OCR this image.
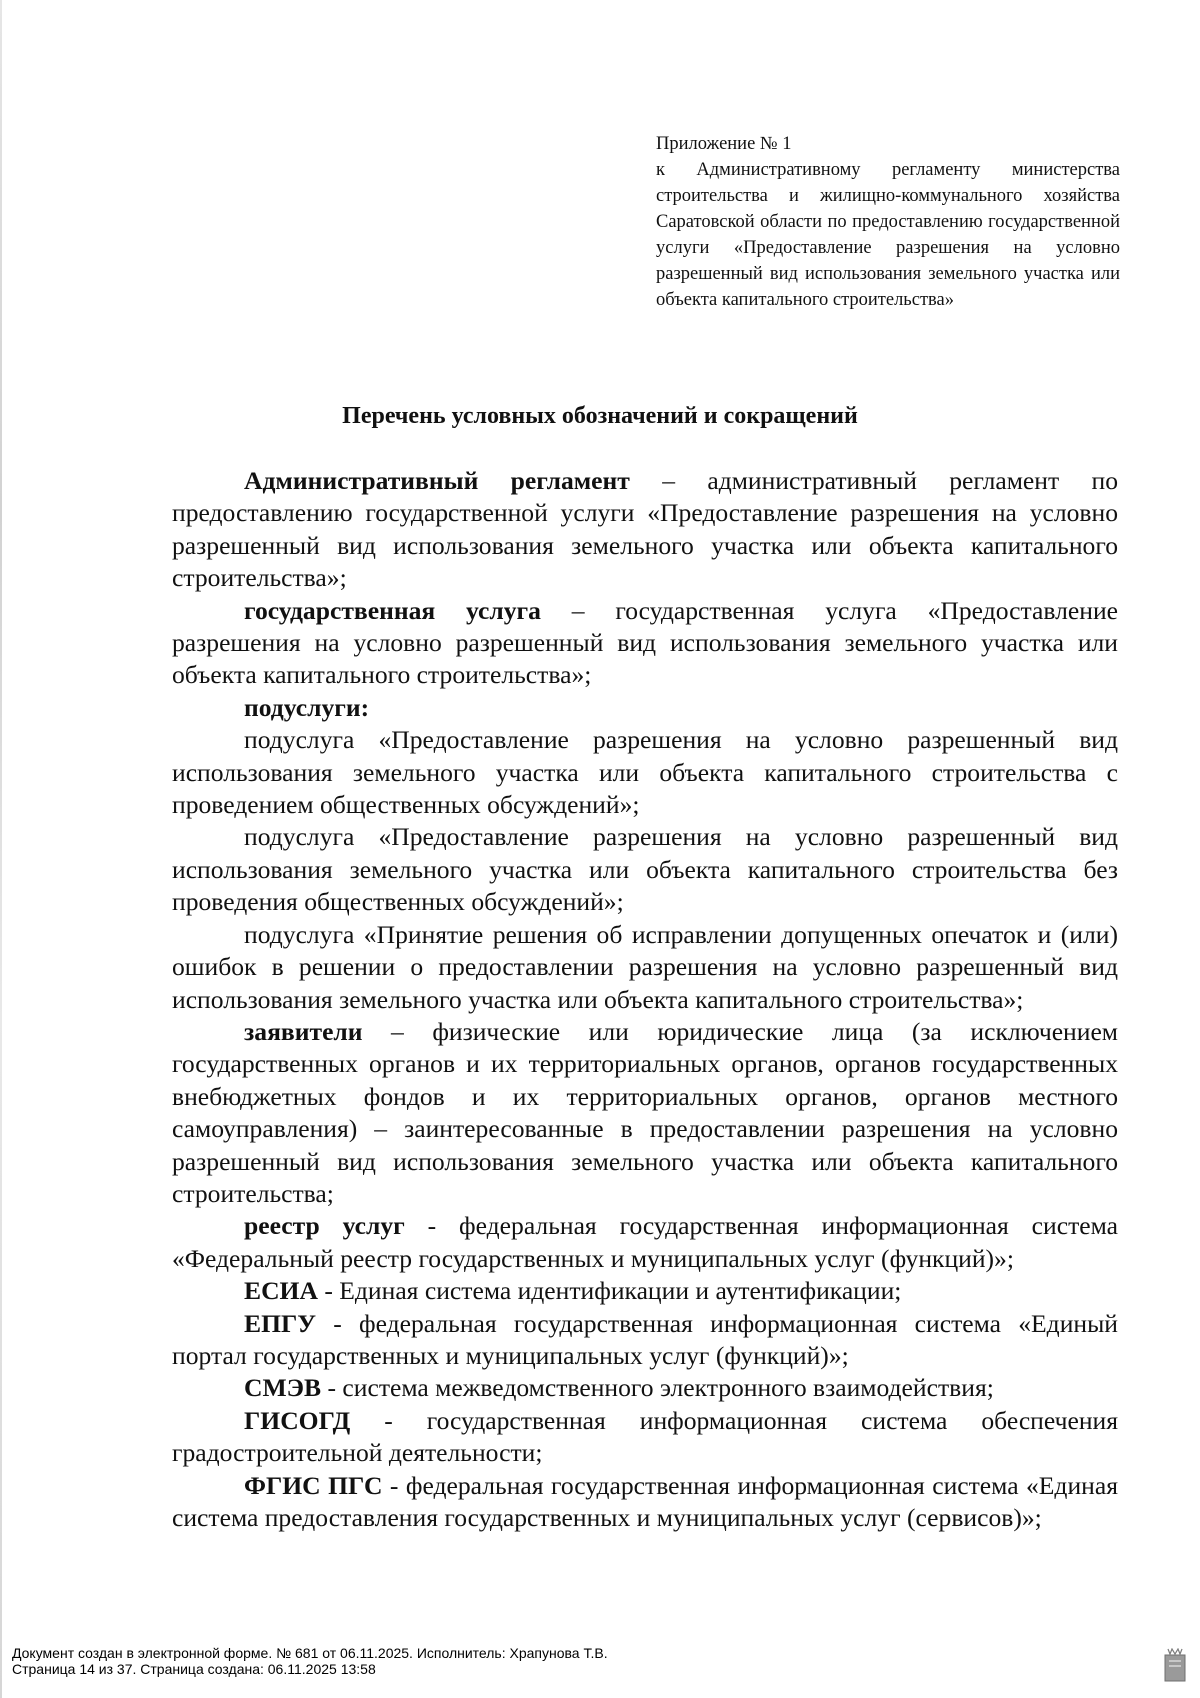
Приложение № 1

к Административному регламенту министерства строительства и жилищно-коммунального хозяйства Саратовской области по предоставлению государственной услуги «Предоставление разрешения на условно разрешенный вид использования земельного участка или объекта капитального строительства»

Перечень условных обозначений и сокращений

Административный регламент – административный регламент по предоставлению государственной услуги «Предоставление разрешения на условно разрешенный вид использования земельного участка или объекта капитального строительства»;

государственная услуга – государственная услуга «Предоставление разрешения на условно разрешенный вид использования земельного участка или объекта капитального строительства»;

подуслуги:

подуслуга «Предоставление разрешения на условно разрешенный вид использования земельного участка или объекта капитального строительства с проведением общественных обсуждений»;

подуслуга «Предоставление разрешения на условно разрешенный вид использования земельного участка или объекта капитального строительства без проведения общественных обсуждений»;

подуслуга «Принятие решения об исправлении допущенных опечаток и (или) ошибок в решении о предоставлении разрешения на условно разрешенный вид использования земельного участка или объекта капитального строительства»;

заявители – физические или юридические лица (за исключением государственных органов и их территориальных органов, органов государственных внебюджетных фондов и их территориальных органов, органов местного самоуправления) – заинтересованные в предоставлении разрешения на условно разрешенный вид использования земельного участка или объекта капитального строительства;

реестр услуг - федеральная государственная информационная система «Федеральный реестр государственных и муниципальных услуг (функций)»;

ЕСИА - Единая система идентификации и аутентификации;

ЕПГУ - федеральная государственная информационная система «Единый портал государственных и муниципальных услуг (функций)»;

СМЭВ - система межведомственного электронного взаимодействия;

ГИСОГД - государственная информационная система обеспечения градостроительной деятельности;

ФГИС ПГС - федеральная государственная информационная система «Единая система предоставления государственных и муниципальных услуг (сервисов)»;

Документ создан в электронной форме. № 681 от 06.11.2025. Исполнитель: Храпунова Т.В.
Страница 14 из 37. Страница создана: 06.11.2025 13:58
